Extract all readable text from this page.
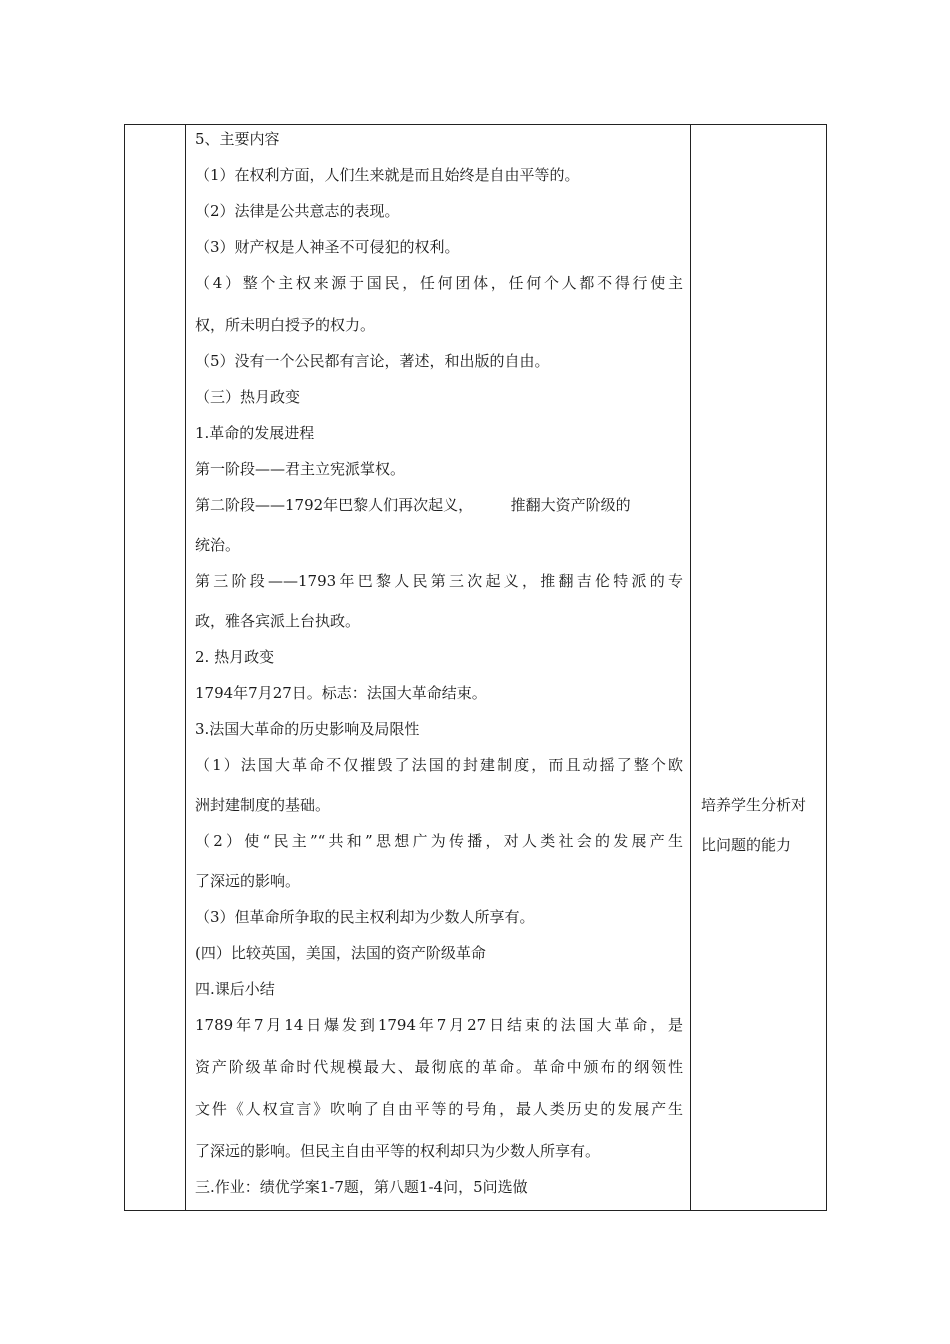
5、主要内容
（1）在权利方面，人们生来就是而且始终是自由平等的。
（2）法律是公共意志的表现。
（3）财产权是人神圣不可侵犯的权利。
（4）整个主权来源于国民，任何团体，任何个人都不得行使主
权，所未明白授予的权力。
（5）没有一个公民都有言论，著述，和出版的自由。
（三）热月政变
1.革命的发展进程
第一阶段——君主立宪派掌权。
第二阶段——1792年巴黎人们再次起义，　　　推翻大资产阶级的
统治。
第三阶段——1793年巴黎人民第三次起义，推翻吉伦特派的专
政，雅各宾派上台执政。
2. 热月政变
1794年7月27日。标志：法国大革命结束。
3.法国大革命的历史影响及局限性
（1）法国大革命不仅摧毁了法国的封建制度，而且动摇了整个欧
洲封建制度的基础。
（2）使“民主”“共和”思想广为传播，对人类社会的发展产生
了深远的影响。
（3）但革命所争取的民主权利却为少数人所享有。
(四）比较英国，美国，法国的资产阶级革命
四.课后小结
1789年7月14日爆发到1794年7月27日结束的法国大革命，是
资产阶级革命时代规模最大、最彻底的革命。革命中颁布的纲领性
文件《人权宣言》吹响了自由平等的号角，最人类历史的发展产生
了深远的影响。但民主自由平等的权利却只为少数人所享有。
三.作业：绩优学案1-7题，第八题1-4问，5问选做
培养学生分析对
比问题的能力
